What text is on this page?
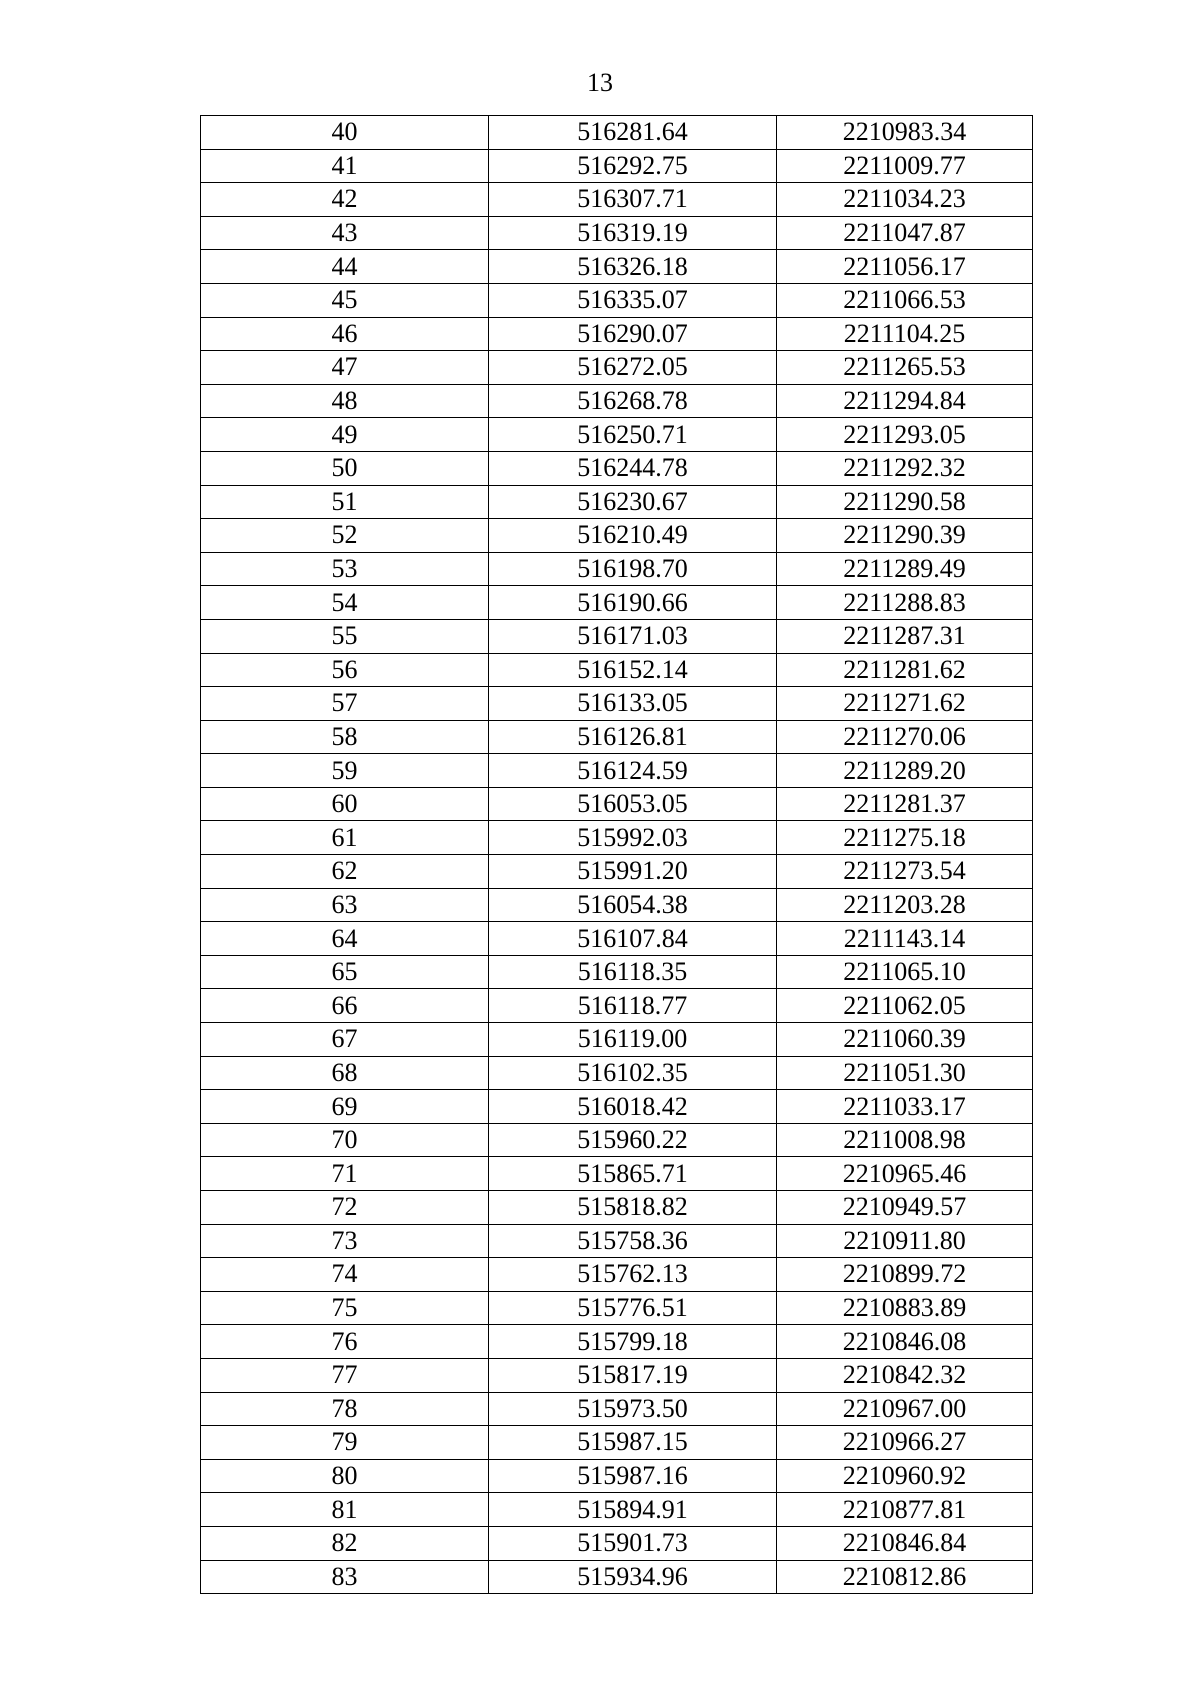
13
40	516281.64	2210983.34
41	516292.75	2211009.77
42	516307.71	2211034.23
43	516319.19	2211047.87
44	516326.18	2211056.17
45	516335.07	2211066.53
46	516290.07	2211104.25
47	516272.05	2211265.53
48	516268.78	2211294.84
49	516250.71	2211293.05
50	516244.78	2211292.32
51	516230.67	2211290.58
52	516210.49	2211290.39
53	516198.70	2211289.49
54	516190.66	2211288.83
55	516171.03	2211287.31
56	516152.14	2211281.62
57	516133.05	2211271.62
58	516126.81	2211270.06
59	516124.59	2211289.20
60	516053.05	2211281.37
61	515992.03	2211275.18
62	515991.20	2211273.54
63	516054.38	2211203.28
64	516107.84	2211143.14
65	516118.35	2211065.10
66	516118.77	2211062.05
67	516119.00	2211060.39
68	516102.35	2211051.30
69	516018.42	2211033.17
70	515960.22	2211008.98
71	515865.71	2210965.46
72	515818.82	2210949.57
73	515758.36	2210911.80
74	515762.13	2210899.72
75	515776.51	2210883.89
76	515799.18	2210846.08
77	515817.19	2210842.32
78	515973.50	2210967.00
79	515987.15	2210966.27
80	515987.16	2210960.92
81	515894.91	2210877.81
82	515901.73	2210846.84
83	515934.96	2210812.86
